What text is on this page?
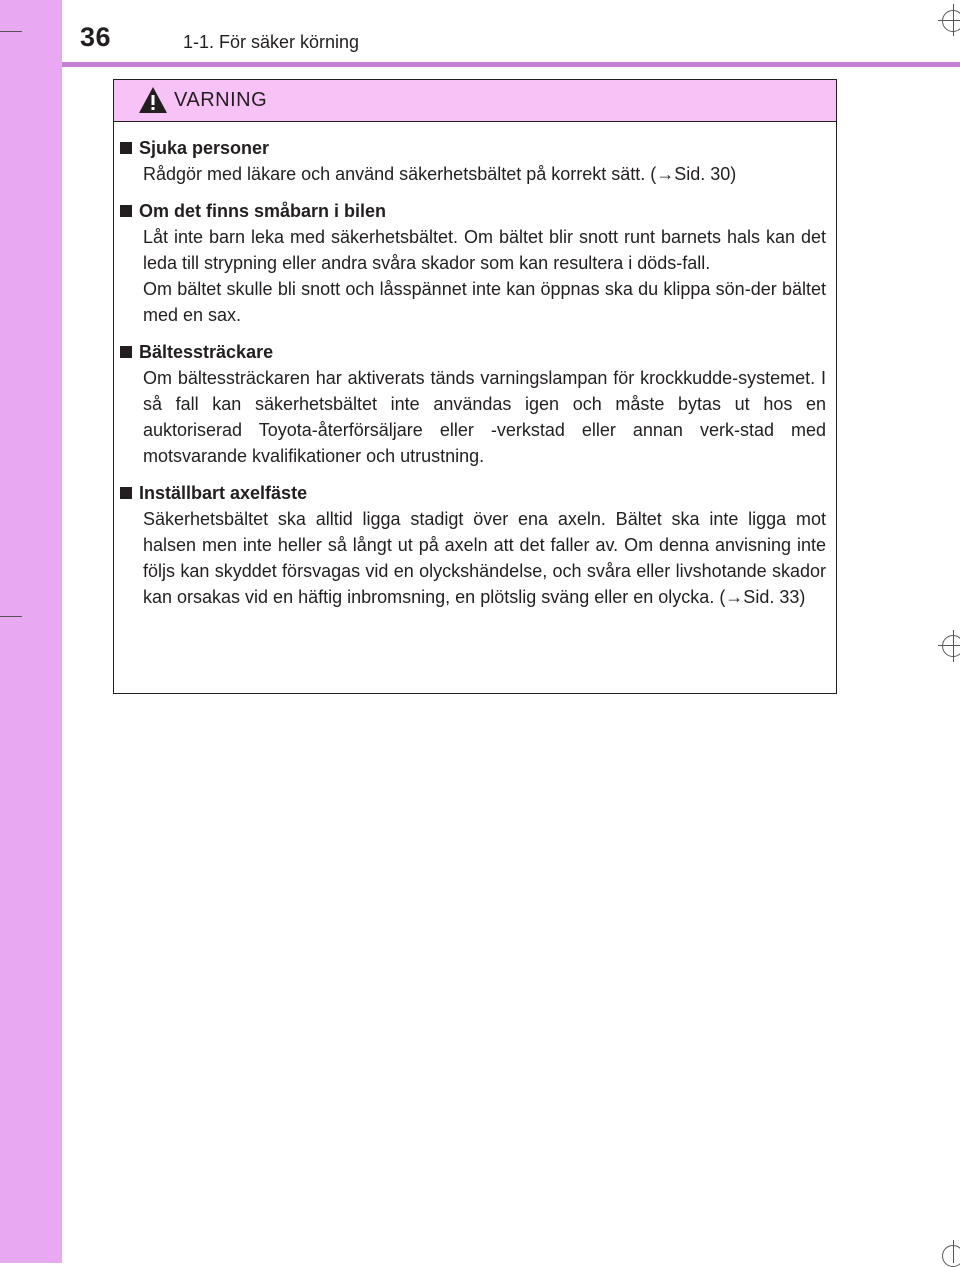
36	1-1. För säker körning
VARNING
Sjuka personer

Rådgör med läkare och använd säkerhetsbältet på korrekt sätt. (→Sid. 30)

Om det finns småbarn i bilen

Låt inte barn leka med säkerhetsbältet. Om bältet blir snott runt barnets hals kan det leda till strypning eller andra svåra skador som kan resultera i döds-fall.

Om bältet skulle bli snott och låsspännet inte kan öppnas ska du klippa sön-der bältet med en sax.

Bältessträckare

Om bältessträckaren har aktiverats tänds varningslampan för krockkudde-systemet. I så fall kan säkerhetsbältet inte användas igen och måste bytas ut hos en auktoriserad Toyota-återförsäljare eller -verkstad eller annan verk-stad med motsvarande kvalifikationer och utrustning.

Inställbart axelfäste

Säkerhetsbältet ska alltid ligga stadigt över ena axeln. Bältet ska inte ligga mot halsen men inte heller så långt ut på axeln att det faller av. Om denna anvisning inte följs kan skyddet försvagas vid en olyckshändelse, och svåra eller livshotande skador kan orsakas vid en häftig inbromsning, en plötslig sväng eller en olycka. (→Sid. 33)
